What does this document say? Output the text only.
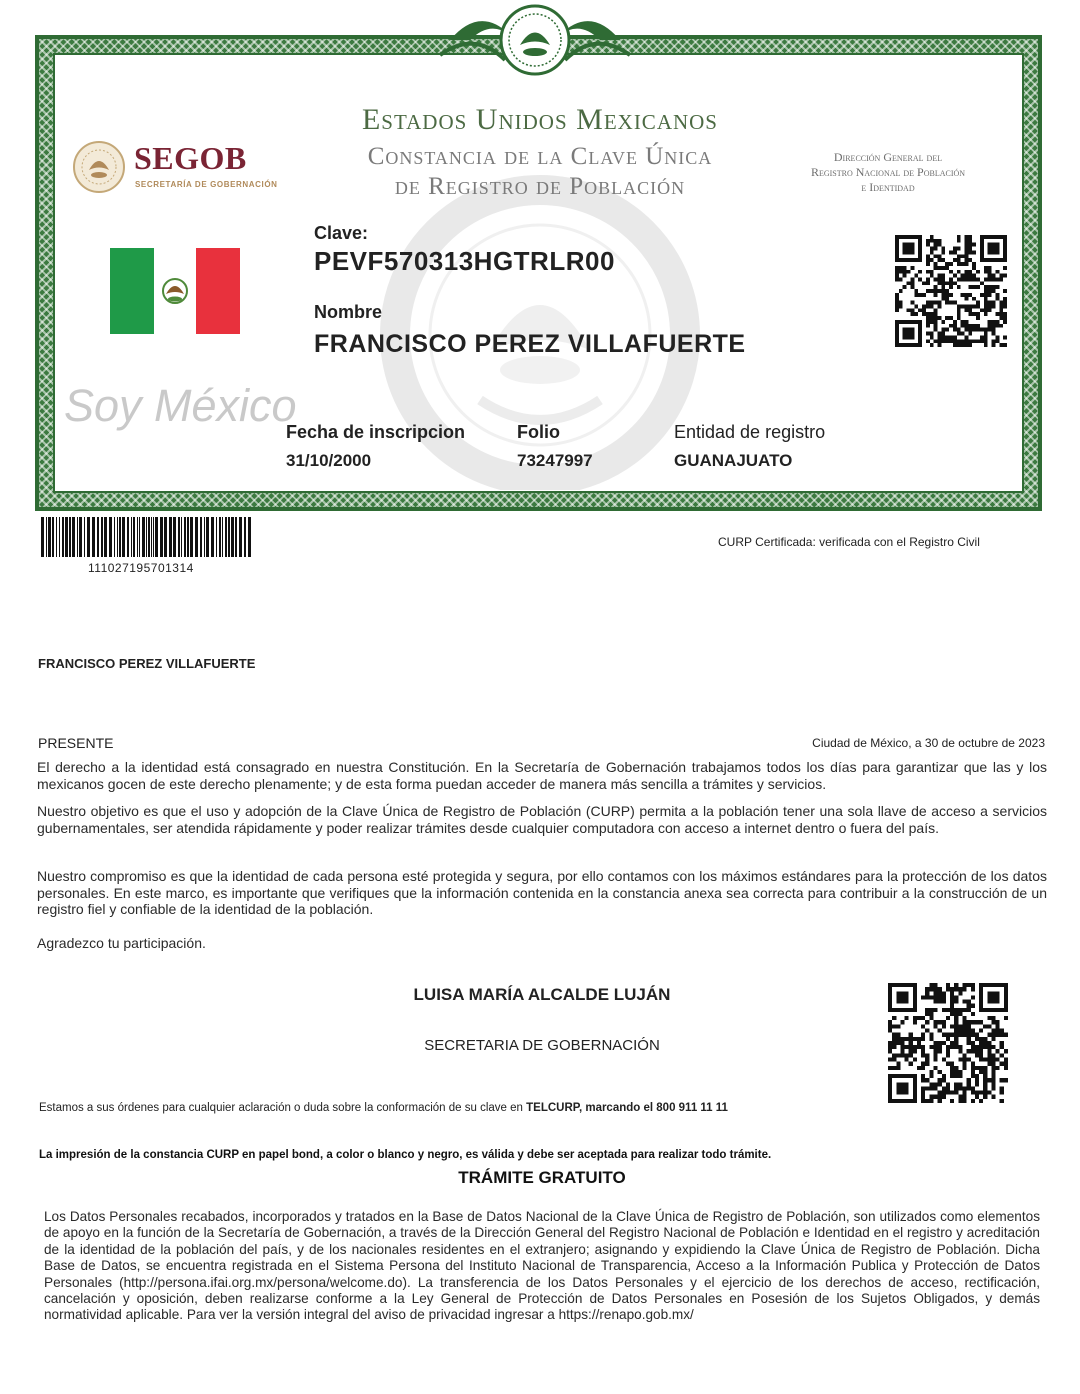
Estados Unidos Mexicanos
Constancia de la Clave Única
de Registro de Población
SEGOB
SECRETARÍA DE GOBERNACIÓN
Dirección General del
Registro Nacional de Población
e Identidad
Soy México
Clave:
PEVF570313HGTRLR00
Nombre
FRANCISCO PEREZ VILLAFUERTE
Fecha de inscripcion
31/10/2000
Folio
73247997
Entidad de registro
GUANAJUATO
111027195701314
CURP Certificada: verificada con el Registro Civil
FRANCISCO PEREZ VILLAFUERTE
PRESENTE	Ciudad de México, a 30 de octubre de 2023
El derecho a la identidad está consagrado en nuestra Constitución. En la Secretaría de Gobernación trabajamos todos los días para garantizar que las y los mexicanos gocen de este derecho plenamente; y de esta forma puedan acceder de manera más sencilla a trámites y servicios.
Nuestro objetivo es que el uso y adopción de la Clave Única de Registro de Población (CURP) permita a la población tener una sola llave de acceso a servicios gubernamentales, ser atendida rápidamente y poder realizar trámites desde cualquier computadora con acceso a internet dentro o fuera del país.
Nuestro compromiso es que la identidad de cada persona esté protegida y segura, por ello contamos con los máximos estándares para la protección de los datos personales. En este marco, es importante que verifiques que la información contenida en la constancia anexa sea correcta para contribuir a la construcción de un registro fiel y confiable de la identidad de la población.
Agradezco tu participación.
LUISA MARÍA ALCALDE LUJÁN
SECRETARIA DE GOBERNACIÓN
Estamos a sus órdenes para cualquier aclaración o duda sobre la conformación de su clave en TELCURP, marcando el 800 911 11 11
La impresión de la constancia CURP en papel bond, a color o blanco y negro, es válida y debe ser aceptada para realizar todo trámite.
TRÁMITE GRATUITO
Los Datos Personales recabados, incorporados y tratados en la Base de Datos Nacional de la Clave Única de Registro de Población, son utilizados como elementos de apoyo en la función de la Secretaría de Gobernación, a través de la Dirección General del Registro Nacional de Población e Identidad en el registro y acreditación de la identidad de la población del país, y de los nacionales residentes en el extranjero; asignando y expidiendo la Clave Única de Registro de Población. Dicha Base de Datos, se encuentra registrada en el Sistema Persona del Instituto Nacional de Transparencia, Acceso a la Información Publica y Protección de Datos Personales (http://persona.ifai.org.mx/persona/welcome.do). La transferencia de los Datos Personales y el ejercicio de los derechos de acceso, rectificación, cancelación y oposición, deben realizarse conforme a la Ley General de Protección de Datos Personales en Posesión de los Sujetos Obligados, y demás normatividad aplicable. Para ver la versión integral del aviso de privacidad ingresar a https://renapo.gob.mx/
